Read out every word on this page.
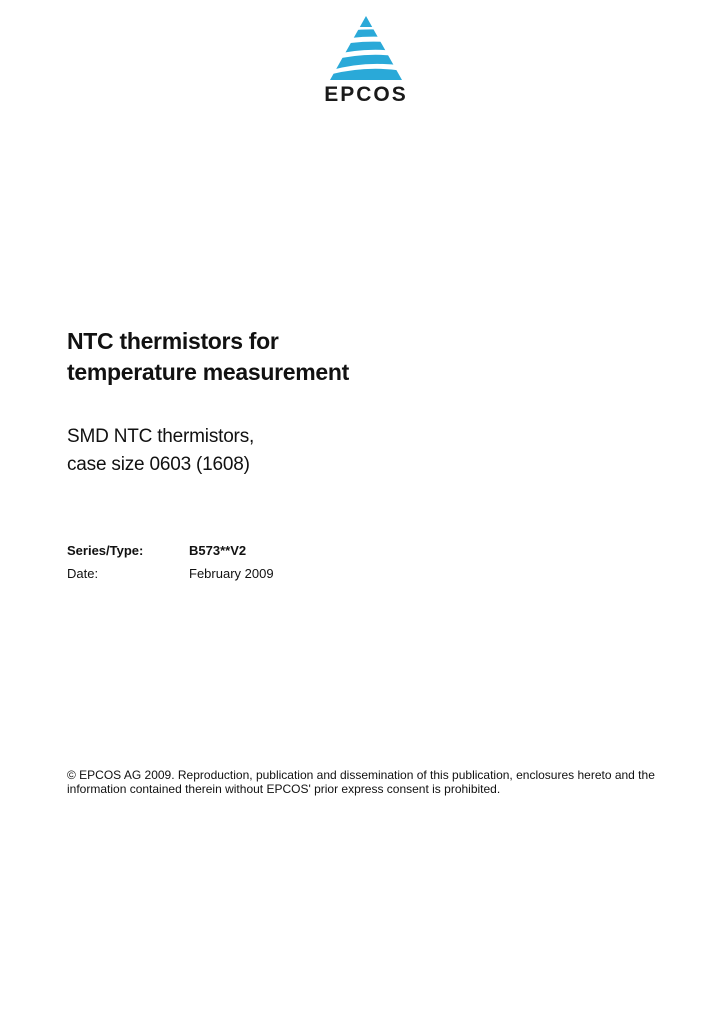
EPCOS
NTC thermistors for
temperature measurement
SMD NTC thermistors,
case size 0603 (1608)
Series/Type:	B573**V2
Date:	February 2009

© EPCOS AG 2009. Reproduction, publication and dissemination of this publication, enclosures hereto and the
information contained therein without EPCOS' prior express consent is prohibited.
